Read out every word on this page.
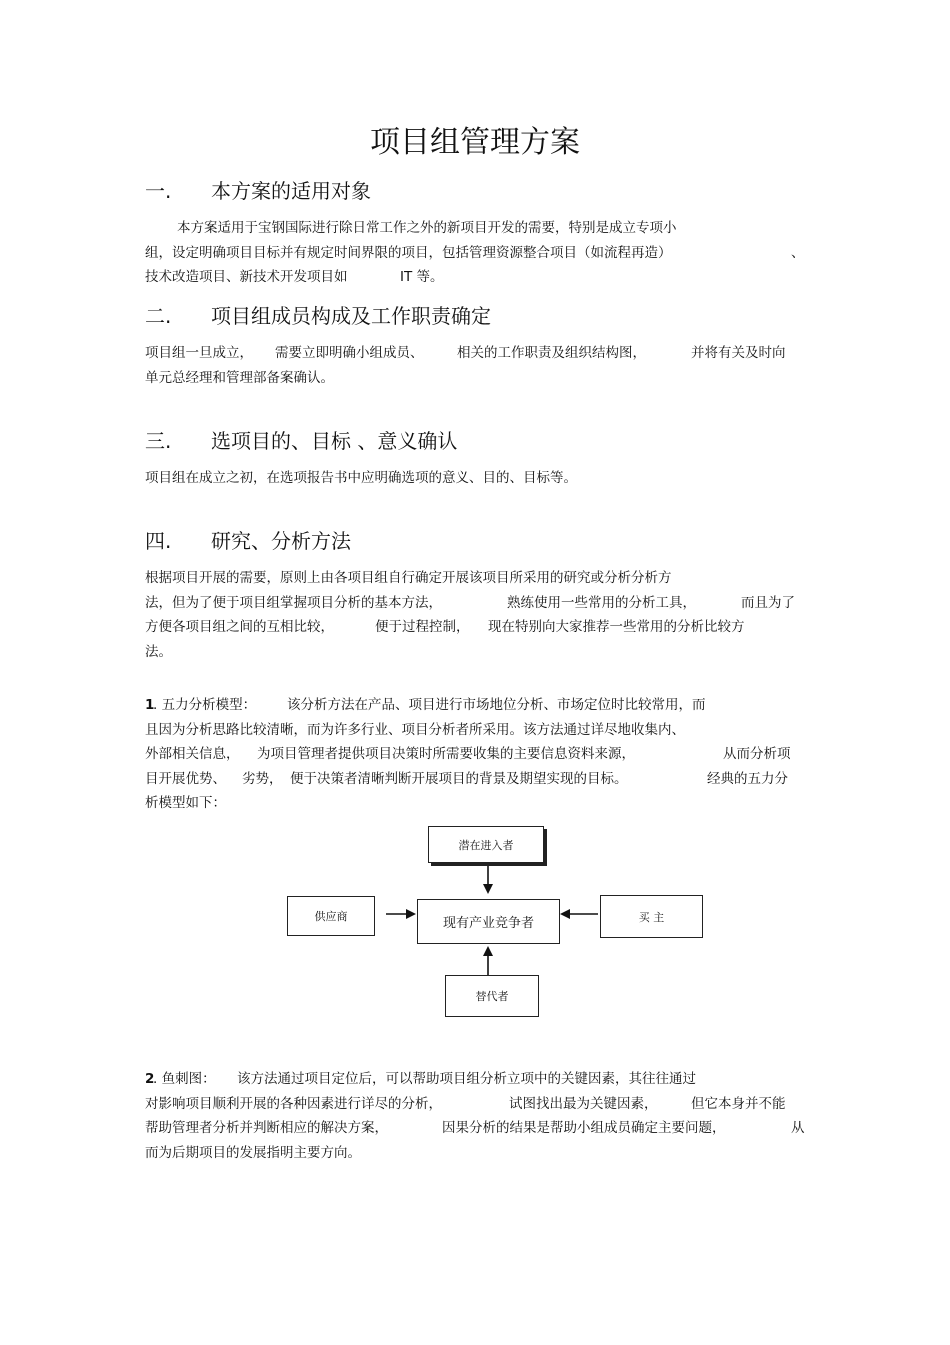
项目组管理方案
一. 本方案的适用对象
本方案适用于宝钢国际进行除日常工作之外的新项目开发的需要，特别是成立专项小
组，设定明确项目目标并有规定时间界限的项目，包括管理资源整合项目（如流程再造）	、
技术改造项目、新技术开发项目如	IT 等。
二. 项目组成员构成及工作职责确定
项目组一旦成立， 需要立即明确小组成员、 相关的工作职责及组织结构图，	并将有关及时向
单元总经理和管理部备案确认。
三. 选项目的、目标 、意义确认
项目组在成立之初，在选项报告书中应明确选项的意义、目的、目标等。
四. 研究、分析方法
根据项目开展的需要，原则上由各项目组自行确定开展该项目所采用的研究或分析分析方
法，但为了便于项目组掌握项目分析的基本方法，	熟练使用一些常用的分析工具，	而且为了
方便各项目组之间的互相比较，	便于过程控制， 现在特别向大家推荐一些常用的分析比较方
法。
1
. 五力分析模型： 该分析方法在产品、项目进行市场地位分析、市场定位时比较常用，而
且因为分析思路比较清晰，而为许多行业、项目分析者所采用。该方法通过详尽地收集内、
外部相关信息， 为项目管理者提供项目决策时所需要收集的主要信息资料来源，	从而分析项
目开展优势、 劣势， 便于决策者清晰判断开展项目的背景及期望实现的目标。	经典的五力分
析模型如下：
潜在进入者
供应商	现有产业竞争者	买 主
替代者
2
. 鱼刺图： 该方法通过项目定位后，可以帮助项目组分析立项中的关键因素，其往往通过
对影响项目顺利开展的各种因素进行详尽的分析，	试图找出最为关键因素， 但它本身并不能
帮助管理者分析并判断相应的解决方案，	因果分析的结果是帮助小组成员确定主要问题，	从
而为后期项目的发展指明主要方向。
